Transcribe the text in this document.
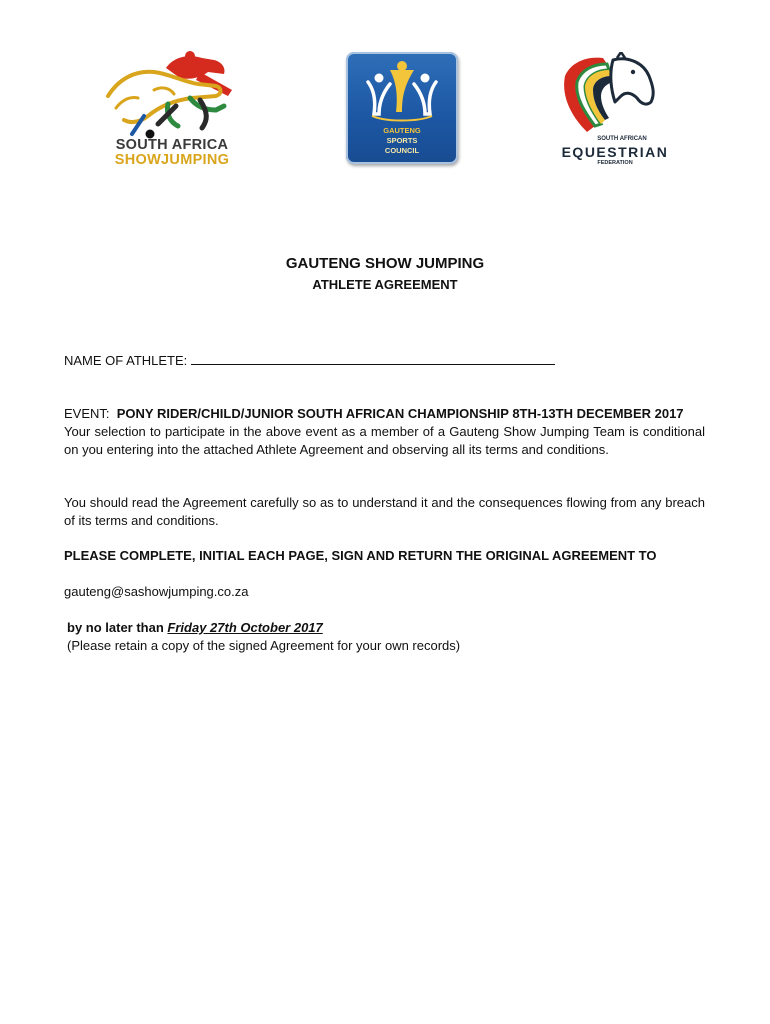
SOUTH AFRICA
SHOWJUMPING
GAUTENG
SPORTS
COUNCIL
SOUTH AFRICAN
EQUESTRIAN
FEDERATION
GAUTENG SHOW JUMPING
ATHLETE AGREEMENT
NAME OF ATHLETE:
EVENT: PONY RIDER/CHILD/JUNIOR SOUTH AFRICAN CHAMPIONSHIP 8TH-13TH DECEMBER 2017
Your selection to participate in the above event as a member of a Gauteng Show Jumping Team is conditional on you entering into the attached Athlete Agreement and observing all its terms and conditions.
You should read the Agreement carefully so as to understand it and the consequences flowing from any breach of its terms and conditions.
PLEASE COMPLETE, INITIAL EACH PAGE, SIGN AND RETURN THE ORIGINAL AGREEMENT TO
gauteng@sashowjumping.co.za
by no later than Friday 27th October 2017
(Please retain a copy of the signed Agreement for your own records)
